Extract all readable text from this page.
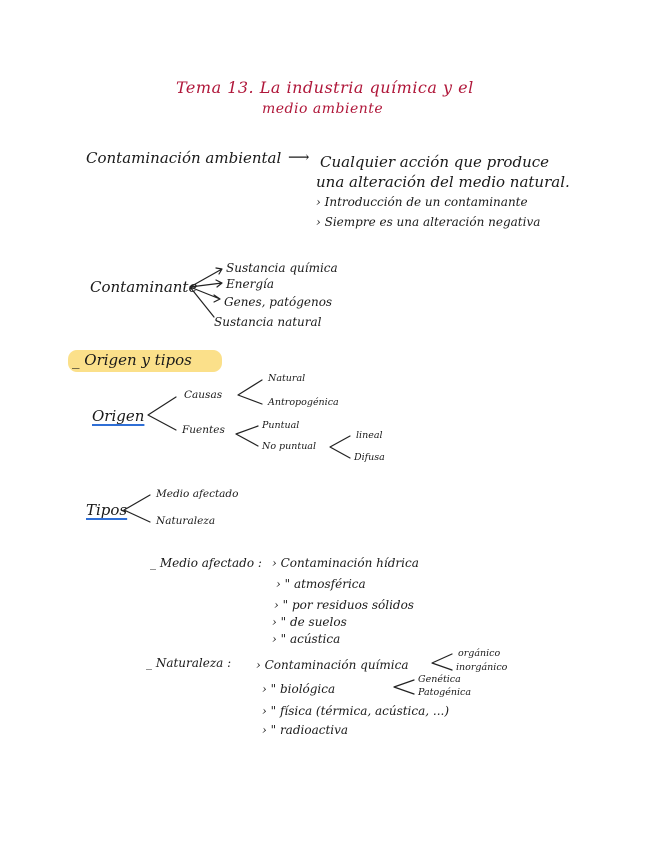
Tema 13. La industria química y el
medio ambiente
Contaminación ambiental ⟶ Cualquier acción que produce
una alteración del medio natural.
› Introducción de un contaminante
› Siempre es una alteración negativa
Contaminante
Sustancia química
Energía
Genes, patógenos
Sustancia natural
_ Origen y tipos
Origen
Causas
Natural
Antropogénica
Fuentes	Puntual
No puntual
lineal
Difusa
Tipos
Medio afectado
Naturaleza
_ Medio afectado : › Contaminación hídrica
› " atmosférica
› " por residuos sólidos
› " de suelos
› " acústica
_ Naturaleza : › Contaminación química
orgánico
inorgánico
› " biológica
Genética
Patogénica
› " física (térmica, acústica, ...)
› " radioactiva
